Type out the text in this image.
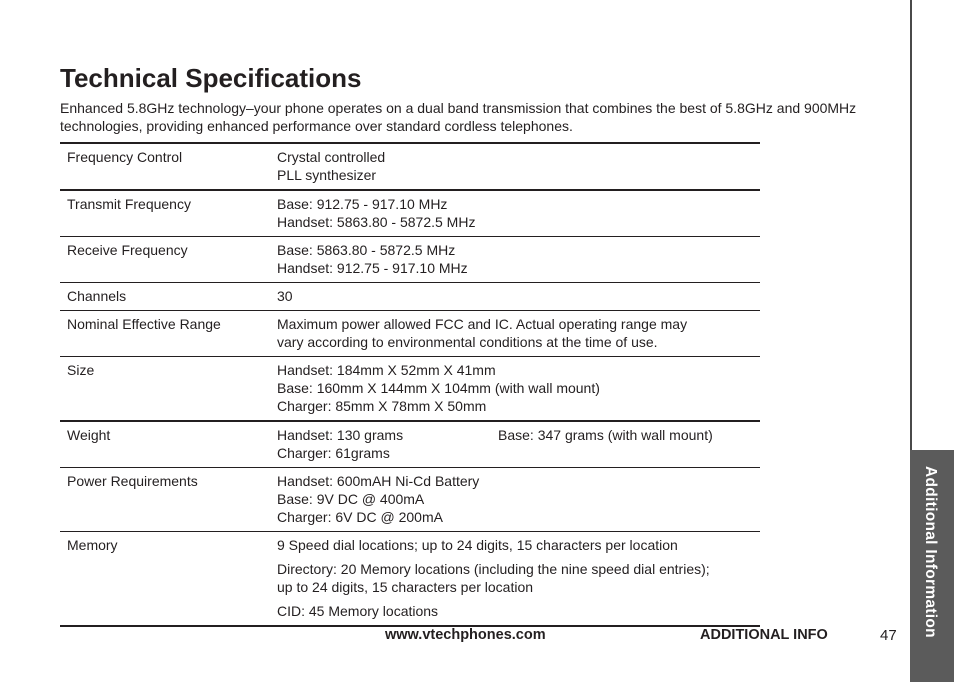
Additional Information
Technical Specifications

Enhanced 5.8GHz technology–your phone operates on a dual band transmission that combines the best of 5.8GHz and 900MHz technologies, providing enhanced performance over standard cordless telephones.

Frequency Control	Crystal controlled
PLL synthesizer

Transmit Frequency	Base: 912.75 - 917.10 MHz
Handset: 5863.80 - 5872.5 MHz

Receive Frequency	Base: 5863.80 - 5872.5 MHz
Handset: 912.75 - 917.10 MHz

Channels	30

Nominal Effective Range	Maximum power allowed FCC and IC. Actual operating range may
vary according to environmental conditions at the time of use.

Size	Handset: 184mm X 52mm X 41mm
Base: 160mm X 144mm X 104mm (with wall mount)
Charger: 85mm X 78mm X 50mm

Weight	Handset: 130 grams Base: 347 grams (with wall mount)
Charger: 61grams

Power Requirements	Handset: 600mAH Ni-Cd Battery
Base: 9V DC @ 400mA
Charger: 6V DC @ 200mA

Memory	9 Speed dial locations; up to 24 digits, 15 characters per location
Directory: 20 Memory locations (including the nine speed dial entries);
up to 24 digits, 15 characters per location
CID: 45 Memory locations
www.vtechphones.com	ADDITIONAL INFO	47
